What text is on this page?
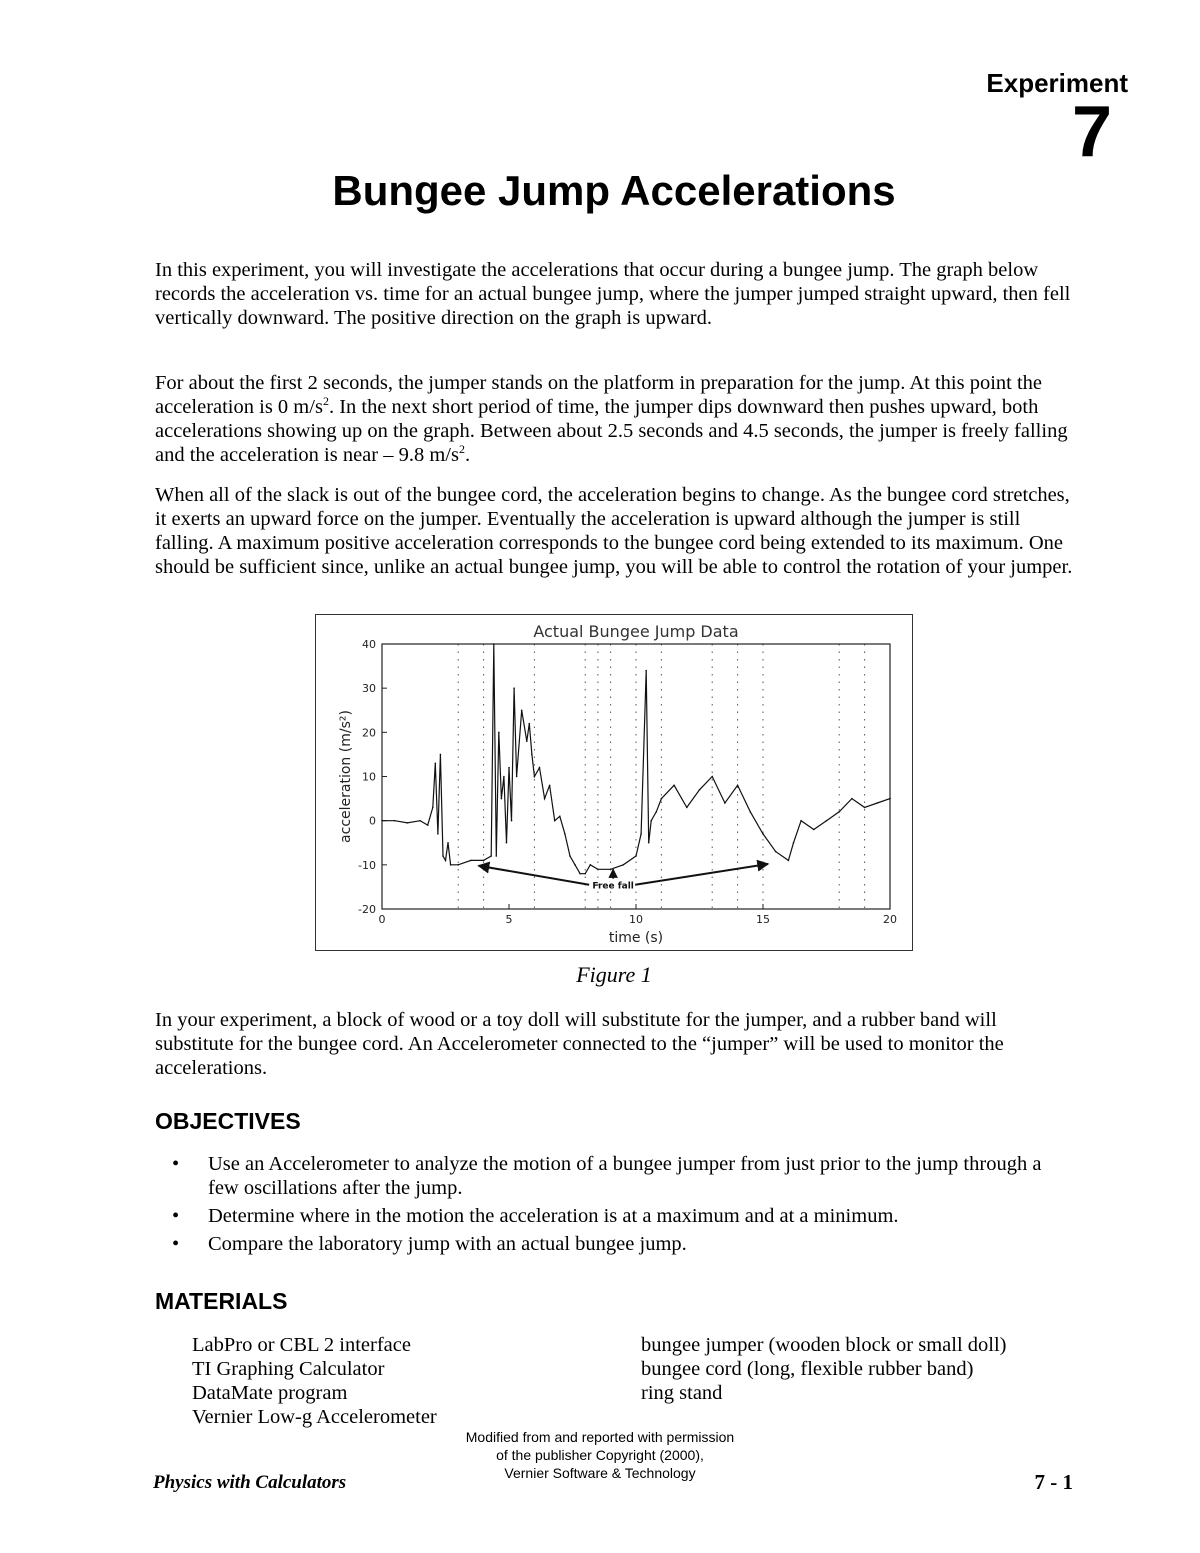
Experiment
7
Bungee Jump Accelerations
In this experiment, you will investigate the accelerations that occur during a bungee jump. The graph below records the acceleration vs. time for an actual bungee jump, where the jumper jumped straight upward, then fell vertically downward. The positive direction on the graph is upward.
For about the first 2 seconds, the jumper stands on the platform in preparation for the jump. At this point the acceleration is 0 $m/s^2$. In the next short period of time, the jumper dips downward then pushes upward, both accelerations showing up on the graph. Between about 2.5 seconds and 4.5 seconds, the jumper is freely falling and the acceleration is near – 9.8 $m/s^2$.
When all of the slack is out of the bungee cord, the acceleration begins to change. As the bungee cord stretches, it exerts an upward force on the jumper. Eventually the acceleration is upward although the jumper is still falling. A maximum positive acceleration corresponds to the bungee cord being extended to its maximum. One should be sufficient since, unlike an actual bungee jump, you will be able to control the rotation of your jumper.
Actual Bungee Jump Data
-20
-10
0
10
20
30
40
0	5	10	15	20
time (s)
acceleration (m/s²)
Free fall
Figure 1
In your experiment, a block of wood or a toy doll will substitute for the jumper, and a rubber band will substitute for the bungee cord. An Accelerometer connected to the “jumper” will be used to monitor the accelerations.
OBJECTIVES
• Use an Accelerometer to analyze the motion of a bungee jumper from just prior to the jump through a few oscillations after the jump.
• Determine where in the motion the acceleration is at a maximum and at a minimum.
• Compare the laboratory jump with an actual bungee jump.
MATERIALS
LabPro or CBL 2 interface
TI Graphing Calculator
DataMate program
Vernier Low-g Accelerometer
bungee jumper (wooden block or small doll)
bungee cord (long, flexible rubber band)
ring stand
Modified from and reported with permission
of the publisher Copyright (2000),
Vernier Software & Technology
Physics with Calculators	7 - 1
